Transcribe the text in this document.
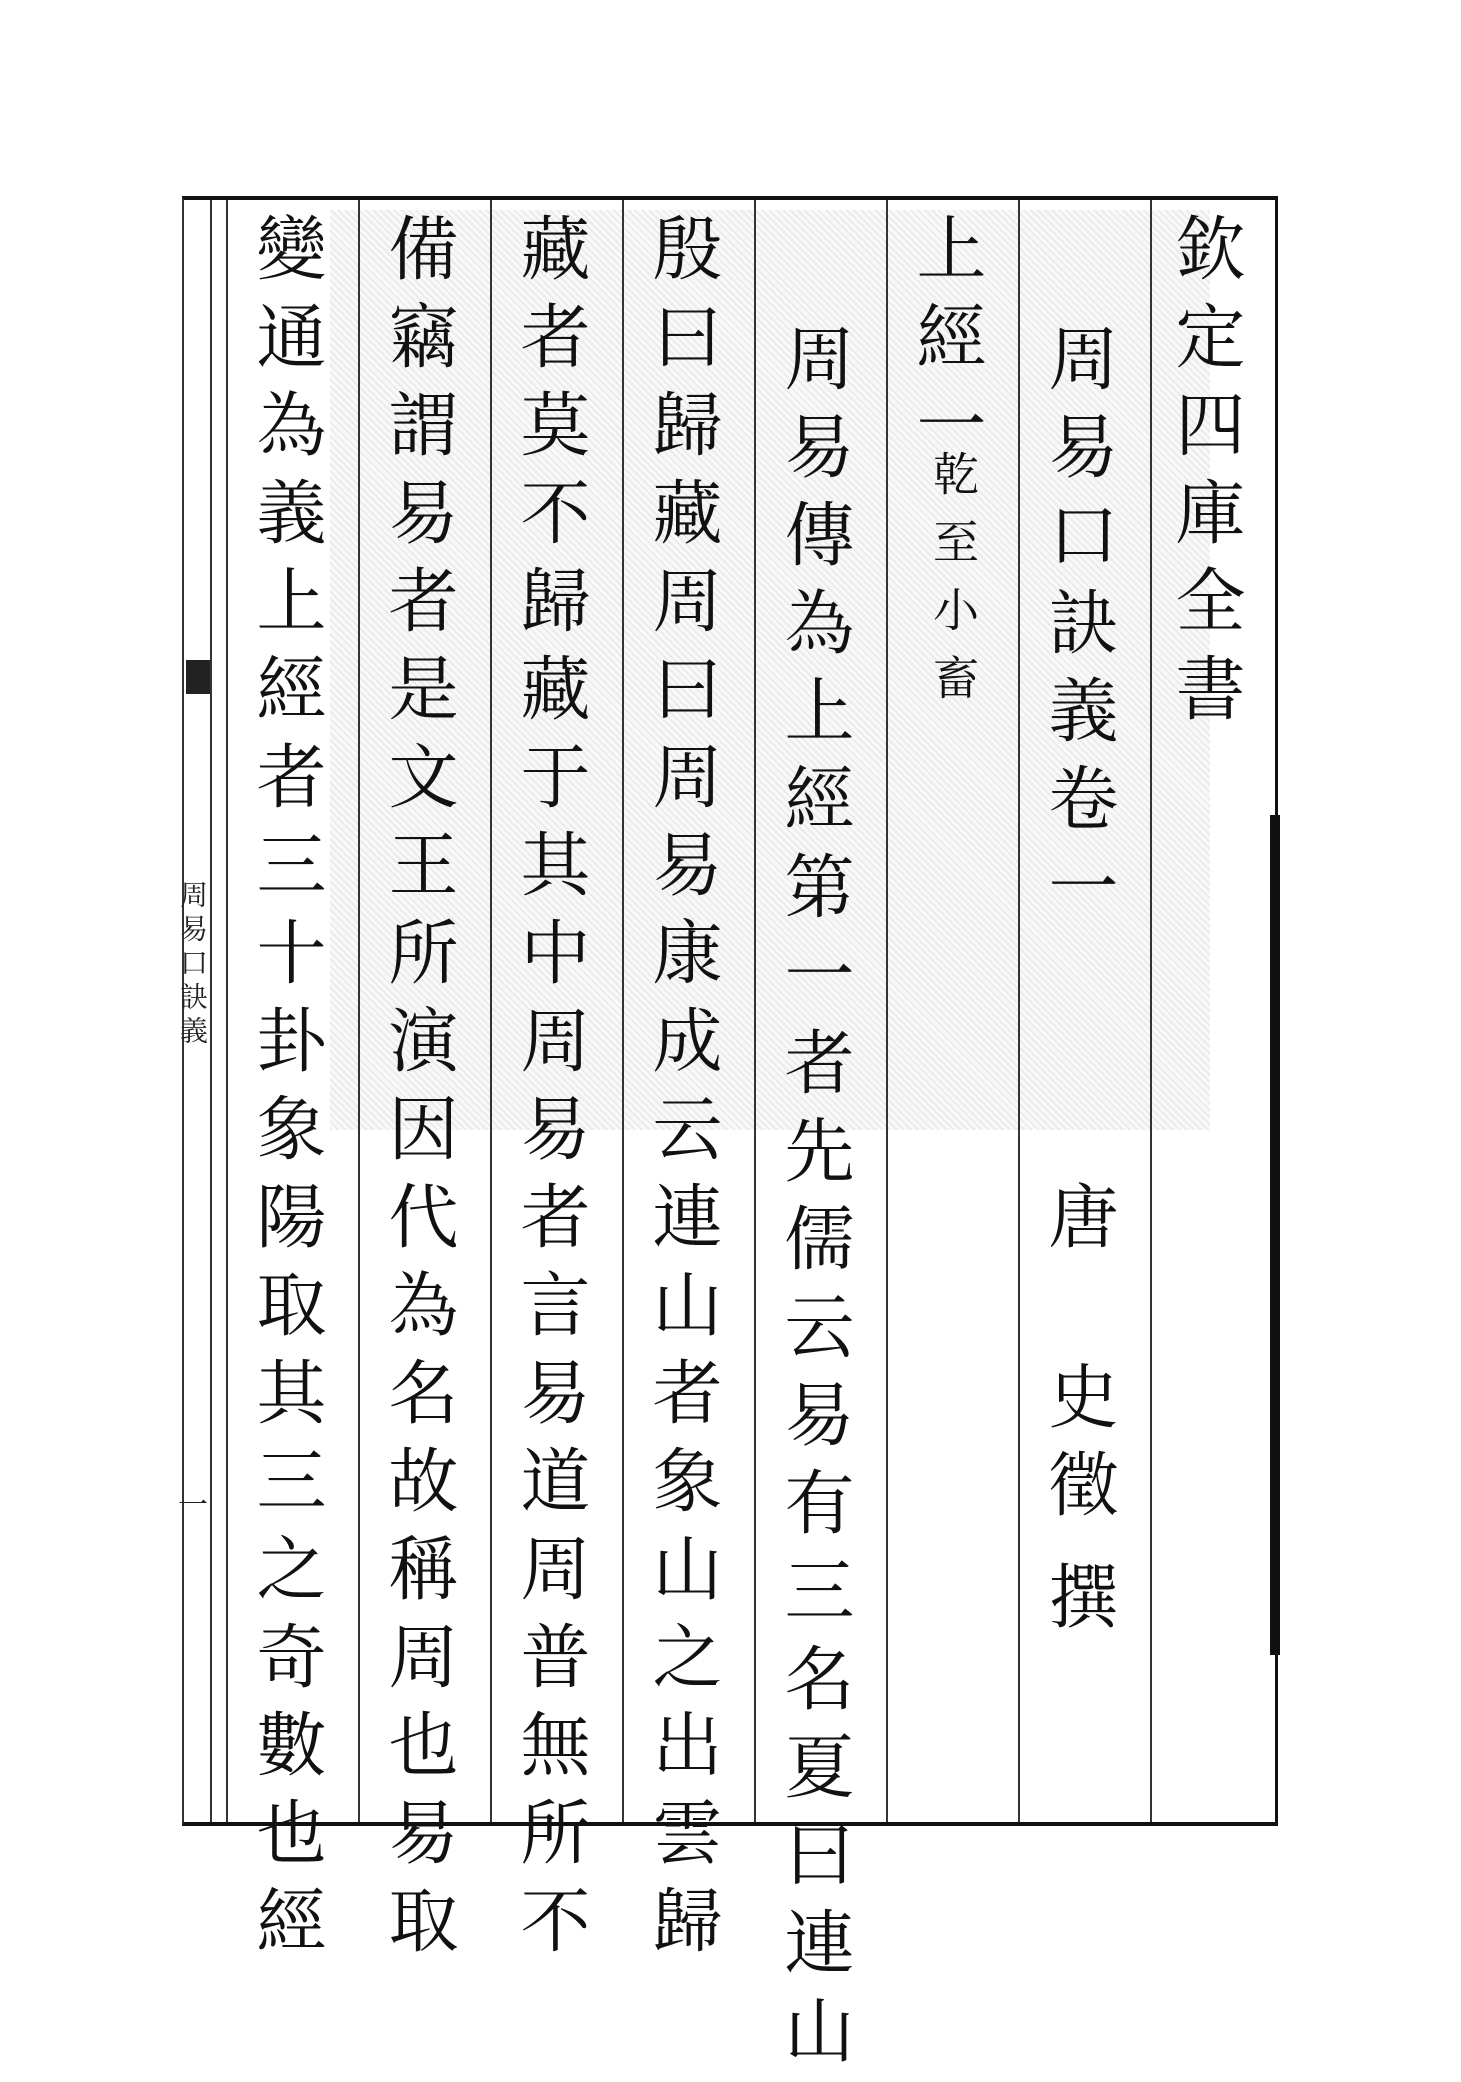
周易口訣義
一
欽定四庫全書
周易口訣義卷一
唐
史徵
撰
上經一
乾至小畜
周易傳為上經第一者先儒云易有三名夏曰連山
殷曰歸藏周曰周易康成云連山者象山之出雲歸
藏者莫不歸藏于其中周易者言易道周普無所不
備竊謂易者是文王所演因代為名故稱周也易取
變通為義上經者三十卦象陽取其三之奇數也經
